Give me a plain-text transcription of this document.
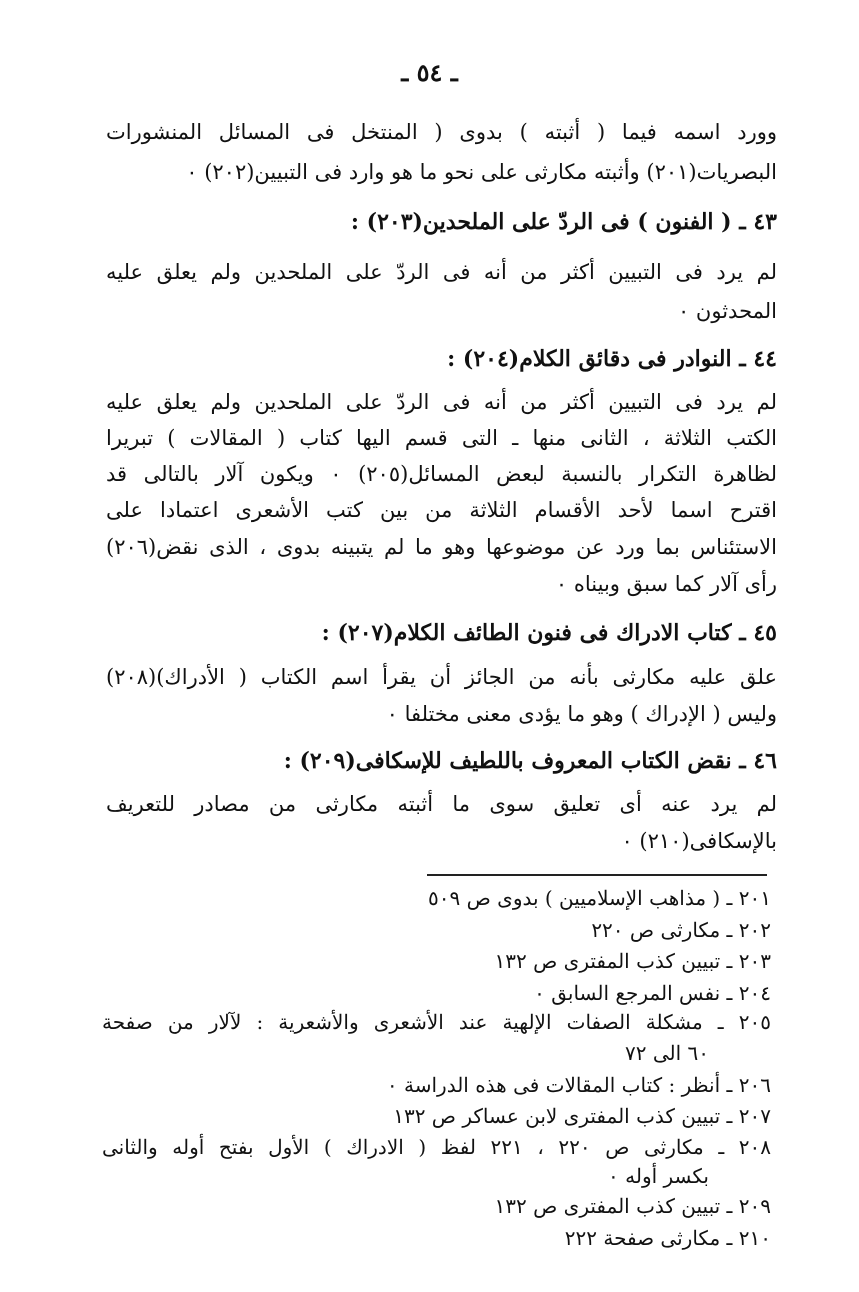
ـ ٥٤ ـ
وورد اسمه فيما ( أثبته ) بدوى ( المنتخل فى المسائل المنشورات
البصريات(٢٠١) وأثبته مكارثى على نحو ما هو وارد فى التبيين(٢٠٢) ٠
٤٣ ـ ( الفنون ) فى الردّ على الملحدين(٢٠٣) :
لم يرد فى التبيين أكثر من أنه فى الردّ على الملحدين ولم يعلق عليه
المحدثون ٠
٤٤ ـ النوادر فى دقائق الكلام(٢٠٤) :
لم يرد فى التبيين أكثر من أنه فى الردّ على الملحدين ولم يعلق عليه
الكتب الثلاثة ، الثانى منها ـ التى قسم اليها كتاب ( المقالات ) تبريرا
لظاهرة التكرار بالنسبة لبعض المسائل(٢٠٥) ٠ ويكون آلار بالتالى قد
اقترح اسما لأحد الأقسام الثلاثة من بين كتب الأشعرى اعتمادا على
الاستئناس بما ورد عن موضوعها وهو ما لم يتبينه بدوى ، الذى نقض(٢٠٦)
رأى آلار كما سبق وبيناه ٠
٤٥ ـ كتاب الادراك فى فنون الطائف الكلام(٢٠٧) :
علق عليه مكارثى بأنه من الجائز أن يقرأ اسم الكتاب ( الأدراك)(٢٠٨)
وليس ( الإدراك ) وهو ما يؤدى معنى مختلفا ٠
٤٦ ـ نقض الكتاب المعروف باللطيف للإسكافى(٢٠٩) :
لم يرد عنه أى تعليق سوى ما أثبته مكارثى من مصادر للتعريف
بالإسكافى(٢١٠) ٠
٢٠١ ـ ( مذاهب الإسلاميين ) بدوى ص ٥٠٩
٢٠٢ ـ مكارثى ص ٢٢٠
٢٠٣ ـ تبيين كذب المفترى ص ١٣٢
٢٠٤ ـ نفس المرجع السابق ٠
٢٠٥ ـ مشكلة الصفات الإلهية عند الأشعرى والأشعرية : لآلار من صفحة
٦٠ الى ٧٢
٢٠٦ ـ أنظر : كتاب المقالات فى هذه الدراسة ٠
٢٠٧ ـ تبيين كذب المفترى لابن عساكر ص ١٣٢
٢٠٨ ـ مكارثى ص ٢٢٠ ، ٢٢١ لفظ ( الادراك ) الأول بفتح أوله والثانى
بكسر أوله ٠
٢٠٩ ـ تبيين كذب المفترى ص ١٣٢
٢١٠ ـ مكارثى صفحة ٢٢٢
